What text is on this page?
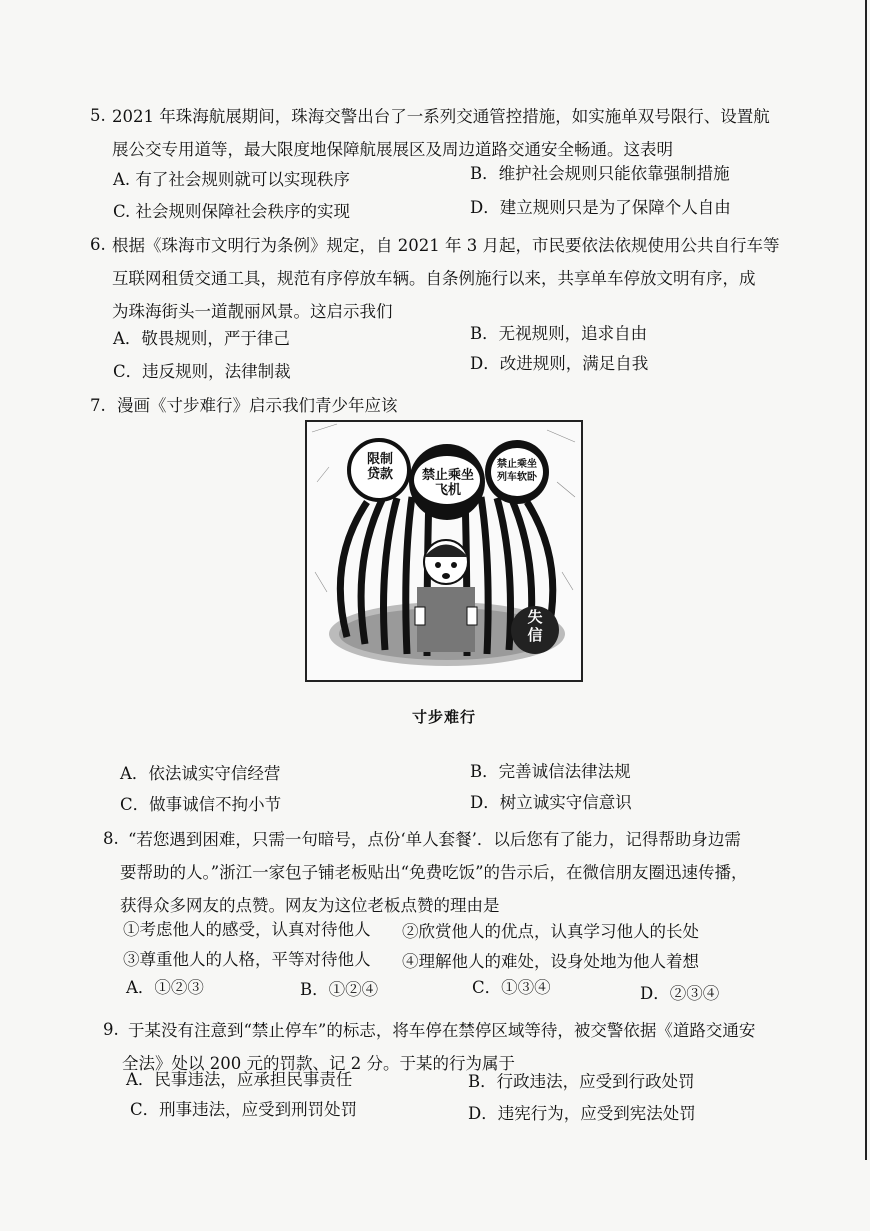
5. 2021 年珠海航展期间，珠海交警出台了一系列交通管控措施，如实施单双号限行、设置航
展公交专用道等，最大限度地保障航展展区及周边道路交通安全畅通。这表明
A. 有了社会规则就可以实现秩序	B．维护社会规则只能依靠强制措施
C. 社会规则保障社会秩序的实现	D．建立规则只是为了保障个人自由
6. 根据《珠海市文明行为条例》规定，自 2021 年 3 月起，市民要依法依规使用公共自行车等
互联网租赁交通工具，规范有序停放车辆。自条例施行以来，共享单车停放文明有序，成
为珠海街头一道靓丽风景。这启示我们
A．敬畏规则，严于律己	B．无视规则，追求自由
C．违反规则，法律制裁	D．改进规则，满足自我
7. 漫画《寸步难行》启示我们青少年应该
限制贷款	禁止乘坐飞机
禁止乘坐列车软卧
失信
寸步难行
A．依法诚实守信经营	B．完善诚信法律法规
C．做事诚信不拘小节	D．树立诚实守信意识
8. “若您遇到困难，只需一句暗号，点份‘单人套餐’．以后您有了能力，记得帮助身边需
要帮助的人。”浙江一家包子铺老板贴出“免费吃饭”的告示后，在微信朋友圈迅速传播，
获得众多网友的点赞。网友为这位老板点赞的理由是
①考虑他人的感受，认真对待他人 ②欣赏他人的优点，认真学习他人的长处
③尊重他人的人格，平等对待他人 ④理解他人的难处，设身处地为他人着想
A．①②③	B．①②④	C．①③④	D．②③④
9. 于某没有注意到“禁止停车”的标志，将车停在禁停区域等待，被交警依据《道路交通安
全法》处以 200 元的罚款、记 2 分。于某的行为属于
A．民事违法，应承担民事责任	B．行政违法，应受到行政处罚
C．刑事违法，应受到刑罚处罚	D．违宪行为，应受到宪法处罚
